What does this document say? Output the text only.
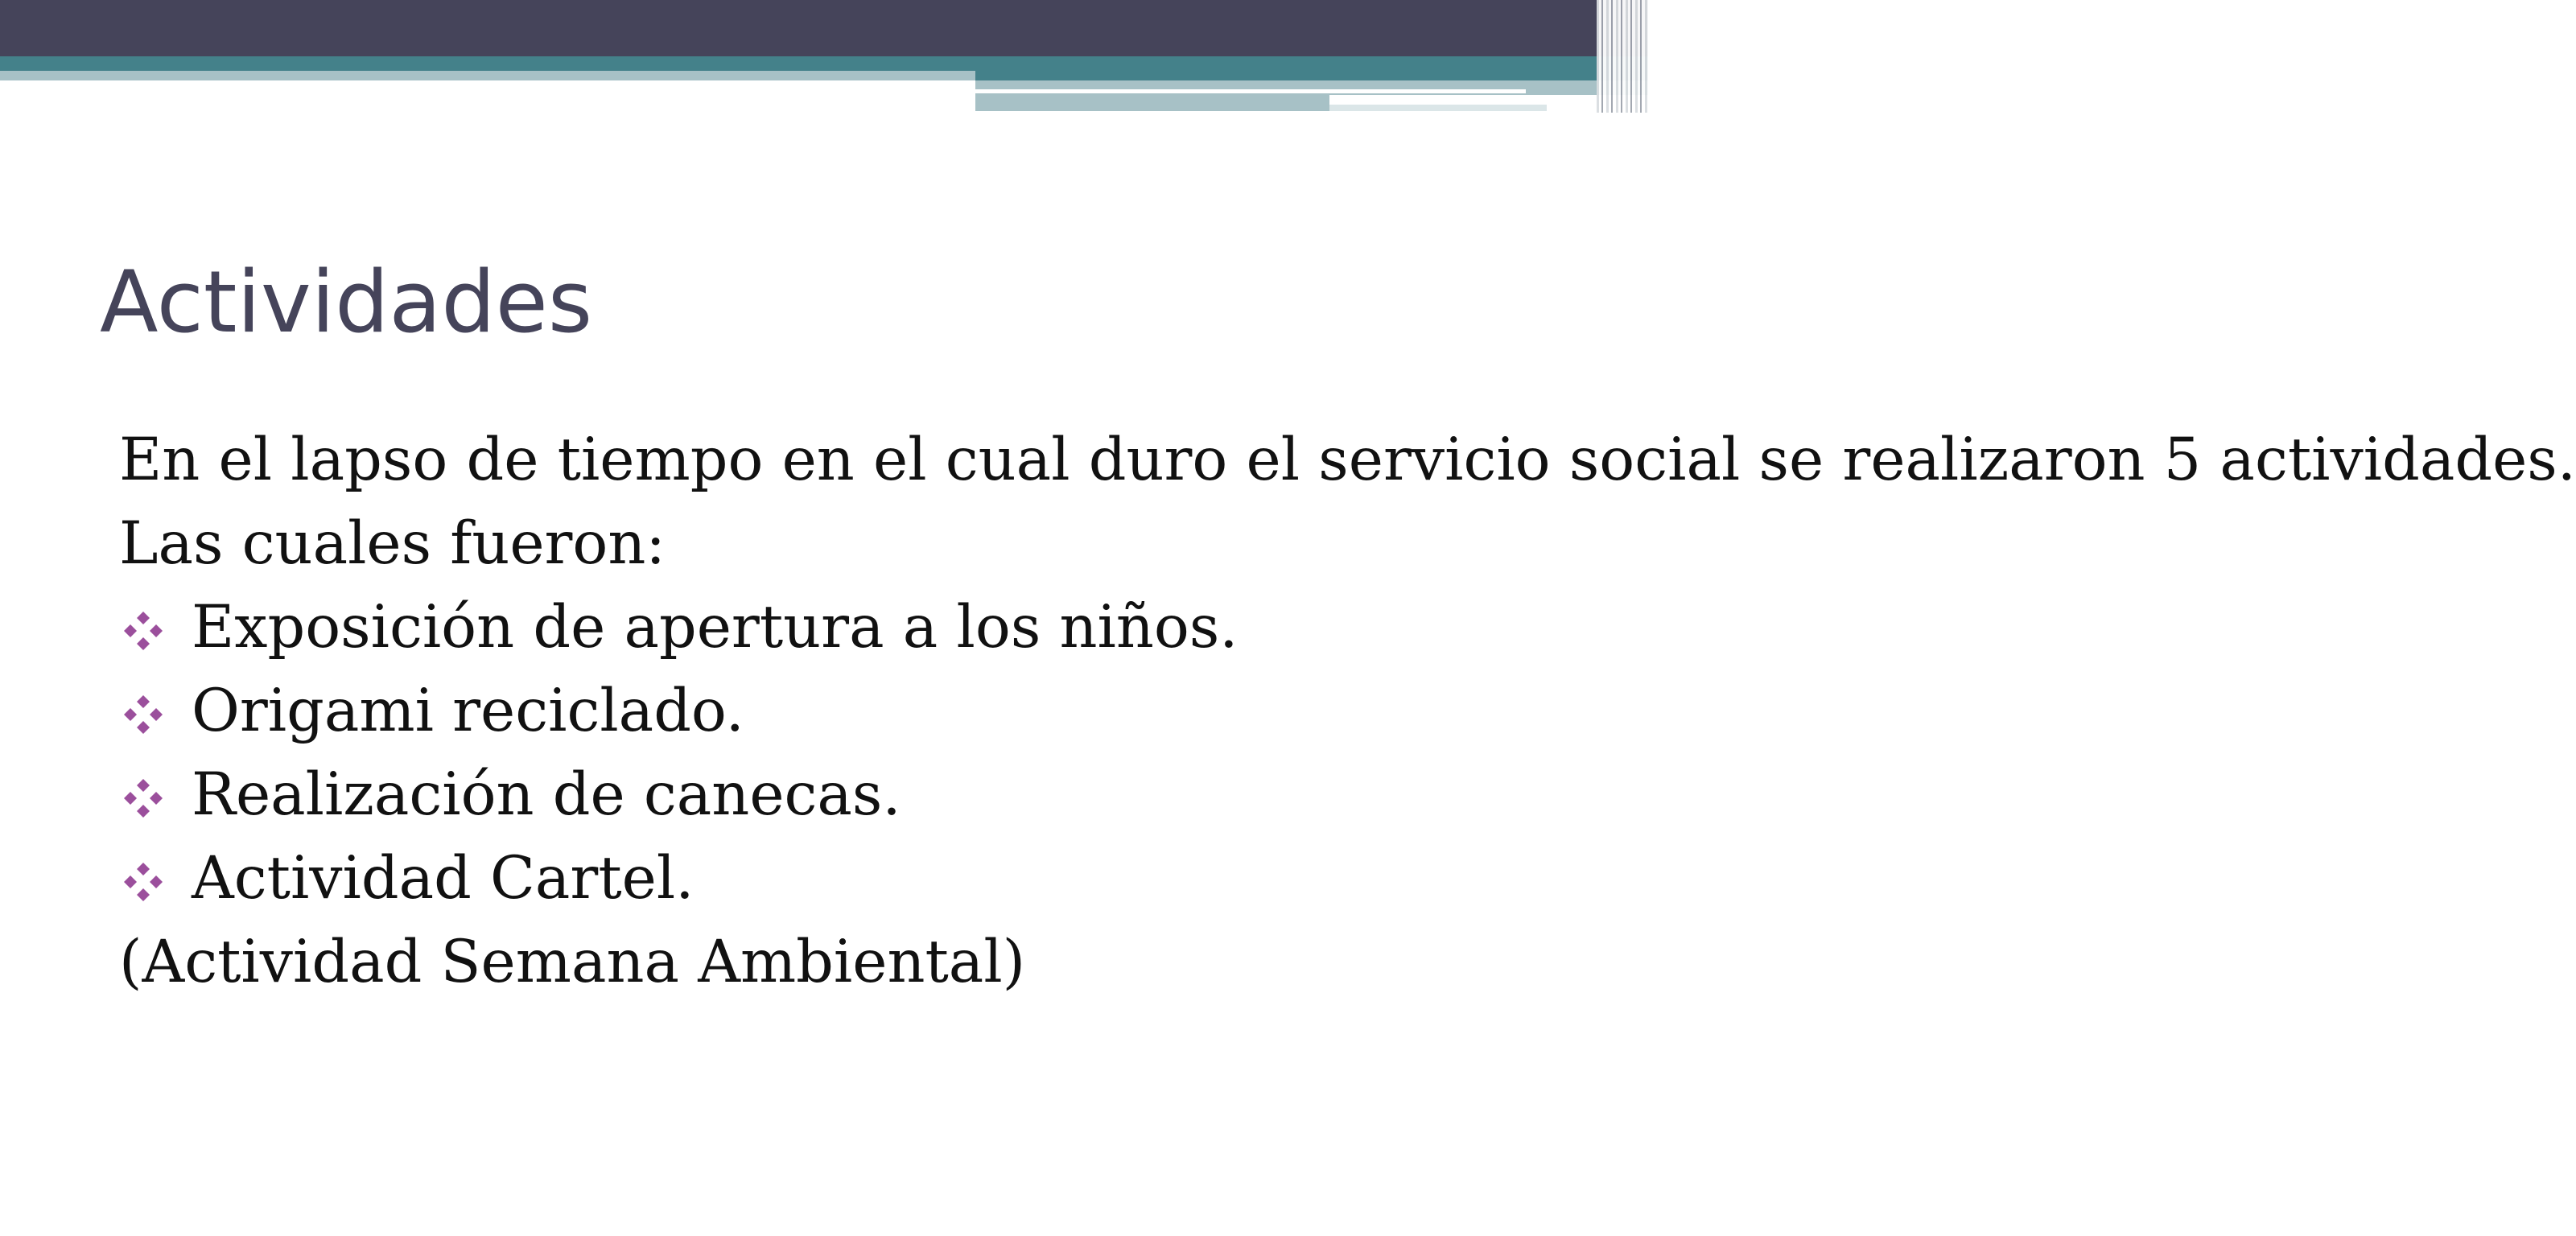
Actividades

En el lapso de tiempo en el cual duro el servicio social se realizaron 5 actividades.

Las cuales fueron:

Exposición de apertura a los niños.
Origami reciclado.
Realización de canecas.
Actividad Cartel.

(Actividad Semana Ambiental)
